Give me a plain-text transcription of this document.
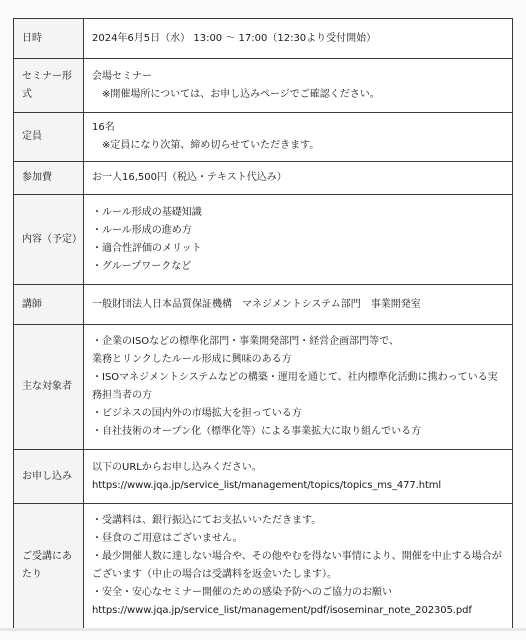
日時	2024年6月5日（水） 13:00 ～ 17:00（12:30より受付開始）

セミナー形式	会場セミナー
　※開催場所については、お申し込みページでご確認ください。

定員	16名
　※定員になり次第、締め切らせていただきます。

参加費	お一人16,500円（税込・テキスト代込み）

内容（予定）	・ルール形成の基礎知識
・ルール形成の進め方
・適合性評価のメリット
・グループワークなど

講師	一般財団法人日本品質保証機構　マネジメントシステム部門　事業開発室

主な対象者	・企業のISOなどの標準化部門・事業開発部門・経営企画部門等で、
業務とリンクしたルール形成に興味のある方
・ISOマネジメントシステムなどの構築・運用を通じて、社内標準化活動に携わっている実務担当者の方
・ビジネスの国内外の市場拡大を担っている方
・自社技術のオープン化（標準化等）による事業拡大に取り組んでいる方

お申し込み	以下のURLからお申し込みください。
https://www.jqa.jp/service_list/management/topics/topics_ms_477.html

ご受講にあたり	・受講料は、銀行振込にてお支払いいただきます。
・昼食のご用意はございません。
・最少開催人数に達しない場合や、その他やむを得ない事情により、開催を中止する場合がございます（中止の場合は受講料を返金いたします）。
・安全・安心なセミナー開催のための感染予防へのご協力のお願い
https://www.jqa.jp/service_list/management/pdf/isoseminar_note_202305.pdf
